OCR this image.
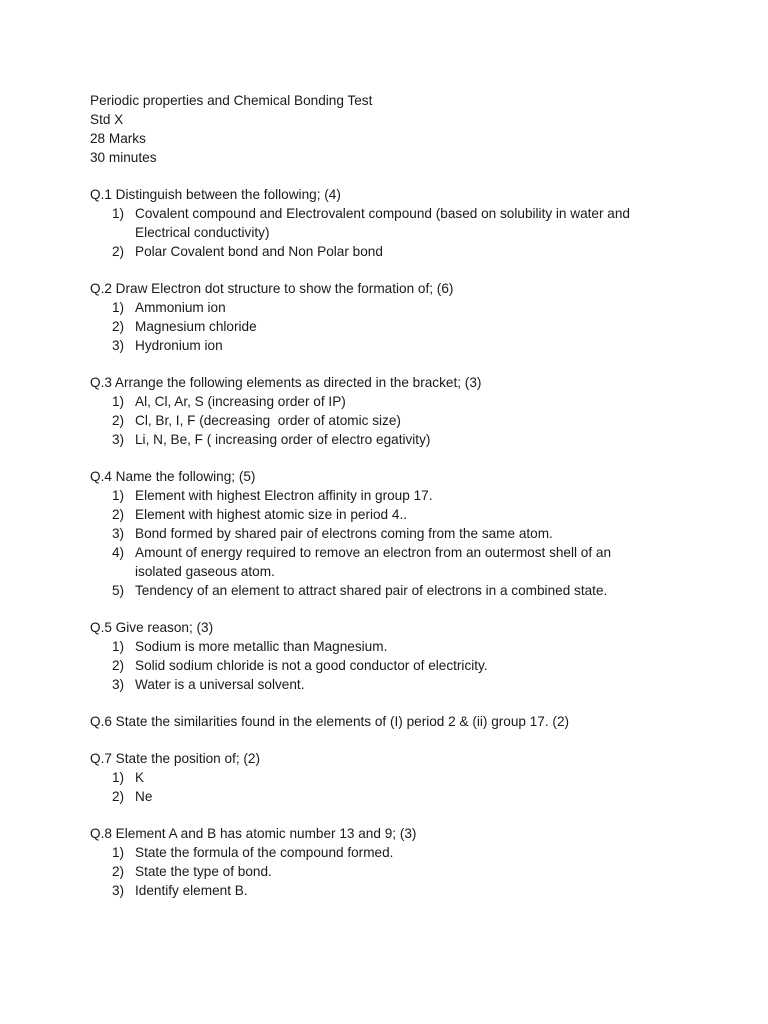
Periodic properties and Chemical Bonding Test
Std X
28 Marks
30 minutes
Q.1 Distinguish between the following; (4)
1) Covalent compound and Electrovalent compound (based on solubility in water and Electrical conductivity)
2) Polar Covalent bond and Non Polar bond
Q.2 Draw Electron dot structure to show the formation of; (6)
1) Ammonium ion
2) Magnesium chloride
3) Hydronium ion
Q.3 Arrange the following elements as directed in the bracket; (3)
1) Al, Cl, Ar, S (increasing order of IP)
2) Cl, Br, I, F (decreasing  order of atomic size)
3) Li, N, Be, F ( increasing order of electro egativity)
Q.4 Name the following; (5)
1) Element with highest Electron affinity in group 17.
2) Element with highest atomic size in period 4..
3) Bond formed by shared pair of electrons coming from the same atom.
4) Amount of energy required to remove an electron from an outermost shell of an isolated gaseous atom.
5) Tendency of an element to attract shared pair of electrons in a combined state.
Q.5 Give reason; (3)
1) Sodium is more metallic than Magnesium.
2) Solid sodium chloride is not a good conductor of electricity.
3) Water is a universal solvent.
Q.6 State the similarities found in the elements of (I) period 2 & (ii) group 17. (2)
Q.7 State the position of; (2)
1) K
2) Ne
Q.8 Element A and B has atomic number 13 and 9; (3)
1) State the formula of the compound formed.
2) State the type of bond.
3) Identify element B.
